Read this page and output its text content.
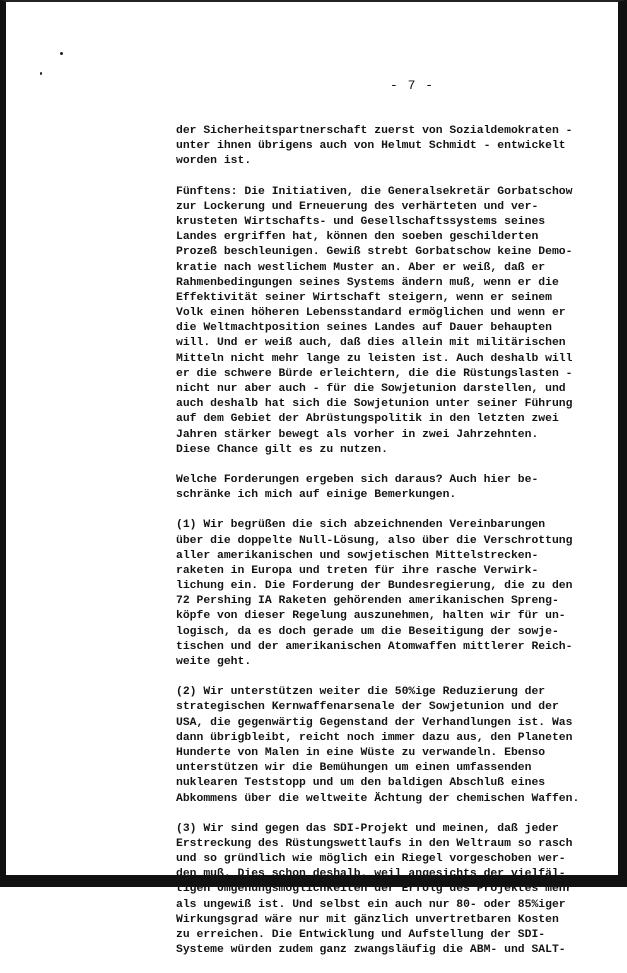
- 7 -
der Sicherheitspartnerschaft zuerst von Sozialdemokraten -
unter ihnen übrigens auch von Helmut Schmidt - entwickelt
worden ist.
Fünftens: Die Initiativen, die Generalsekretär Gorbatschow
zur Lockerung und Erneuerung des verhärteten und ver-
krusteten Wirtschafts- und Gesellschaftssystems seines
Landes ergriffen hat, können den soeben geschilderten
Prozeß beschleunigen. Gewiß strebt Gorbatschow keine Demo-
kratie nach westlichem Muster an. Aber er weiß, daß er
Rahmenbedingungen seines Systems ändern muß, wenn er die
Effektivität seiner Wirtschaft steigern, wenn er seinem
Volk einen höheren Lebensstandard ermöglichen und wenn er
die Weltmachtposition seines Landes auf Dauer behaupten
will. Und er weiß auch, daß dies allein mit militärischen
Mitteln nicht mehr lange zu leisten ist. Auch deshalb will
er die schwere Bürde erleichtern, die die Rüstungslasten -
nicht nur aber auch - für die Sowjetunion darstellen, und
auch deshalb hat sich die Sowjetunion unter seiner Führung
auf dem Gebiet der Abrüstungspolitik in den letzten zwei
Jahren stärker bewegt als vorher in zwei Jahrzehnten.
Diese Chance gilt es zu nutzen.
Welche Forderungen ergeben sich daraus? Auch hier be-
schränke ich mich auf einige Bemerkungen.
(1) Wir begrüßen die sich abzeichnenden Vereinbarungen
über die doppelte Null-Lösung, also über die Verschrottung
aller amerikanischen und sowjetischen Mittelstrecken-
raketen in Europa und treten für ihre rasche Verwirk-
lichung ein. Die Forderung der Bundesregierung, die zu den
72 Pershing IA Raketen gehörenden amerikanischen Spreng-
köpfe von dieser Regelung auszunehmen, halten wir für un-
logisch, da es doch gerade um die Beseitigung der sowje-
tischen und der amerikanischen Atomwaffen mittlerer Reich-
weite geht.
(2) Wir unterstützen weiter die 50%ige Reduzierung der
strategischen Kernwaffenarsenale der Sowjetunion und der
USA, die gegenwärtig Gegenstand der Verhandlungen ist. Was
dann übrigbleibt, reicht noch immer dazu aus, den Planeten
Hunderte von Malen in eine Wüste zu verwandeln. Ebenso
unterstützen wir die Bemühungen um einen umfassenden
nuklearen Teststopp und um den baldigen Abschluß eines
Abkommens über die weltweite Ächtung der chemischen Waffen.
(3) Wir sind gegen das SDI-Projekt und meinen, daß jeder
Erstreckung des Rüstungswettlaufs in den Weltraum so rasch
und so gründlich wie möglich ein Riegel vorgeschoben wer-
den muß. Dies schon deshalb, weil angesichts der vielfäl-
tigen Umgehungsmöglichkeiten der Erfolg des Projektes mehr
als ungewiß ist. Und selbst ein auch nur 80- oder 85%iger
Wirkungsgrad wäre nur mit gänzlich unvertretbaren Kosten
zu erreichen. Die Entwicklung und Aufstellung der SDI-
Systeme würden zudem ganz zwangsläufig die ABM- und SALT-
